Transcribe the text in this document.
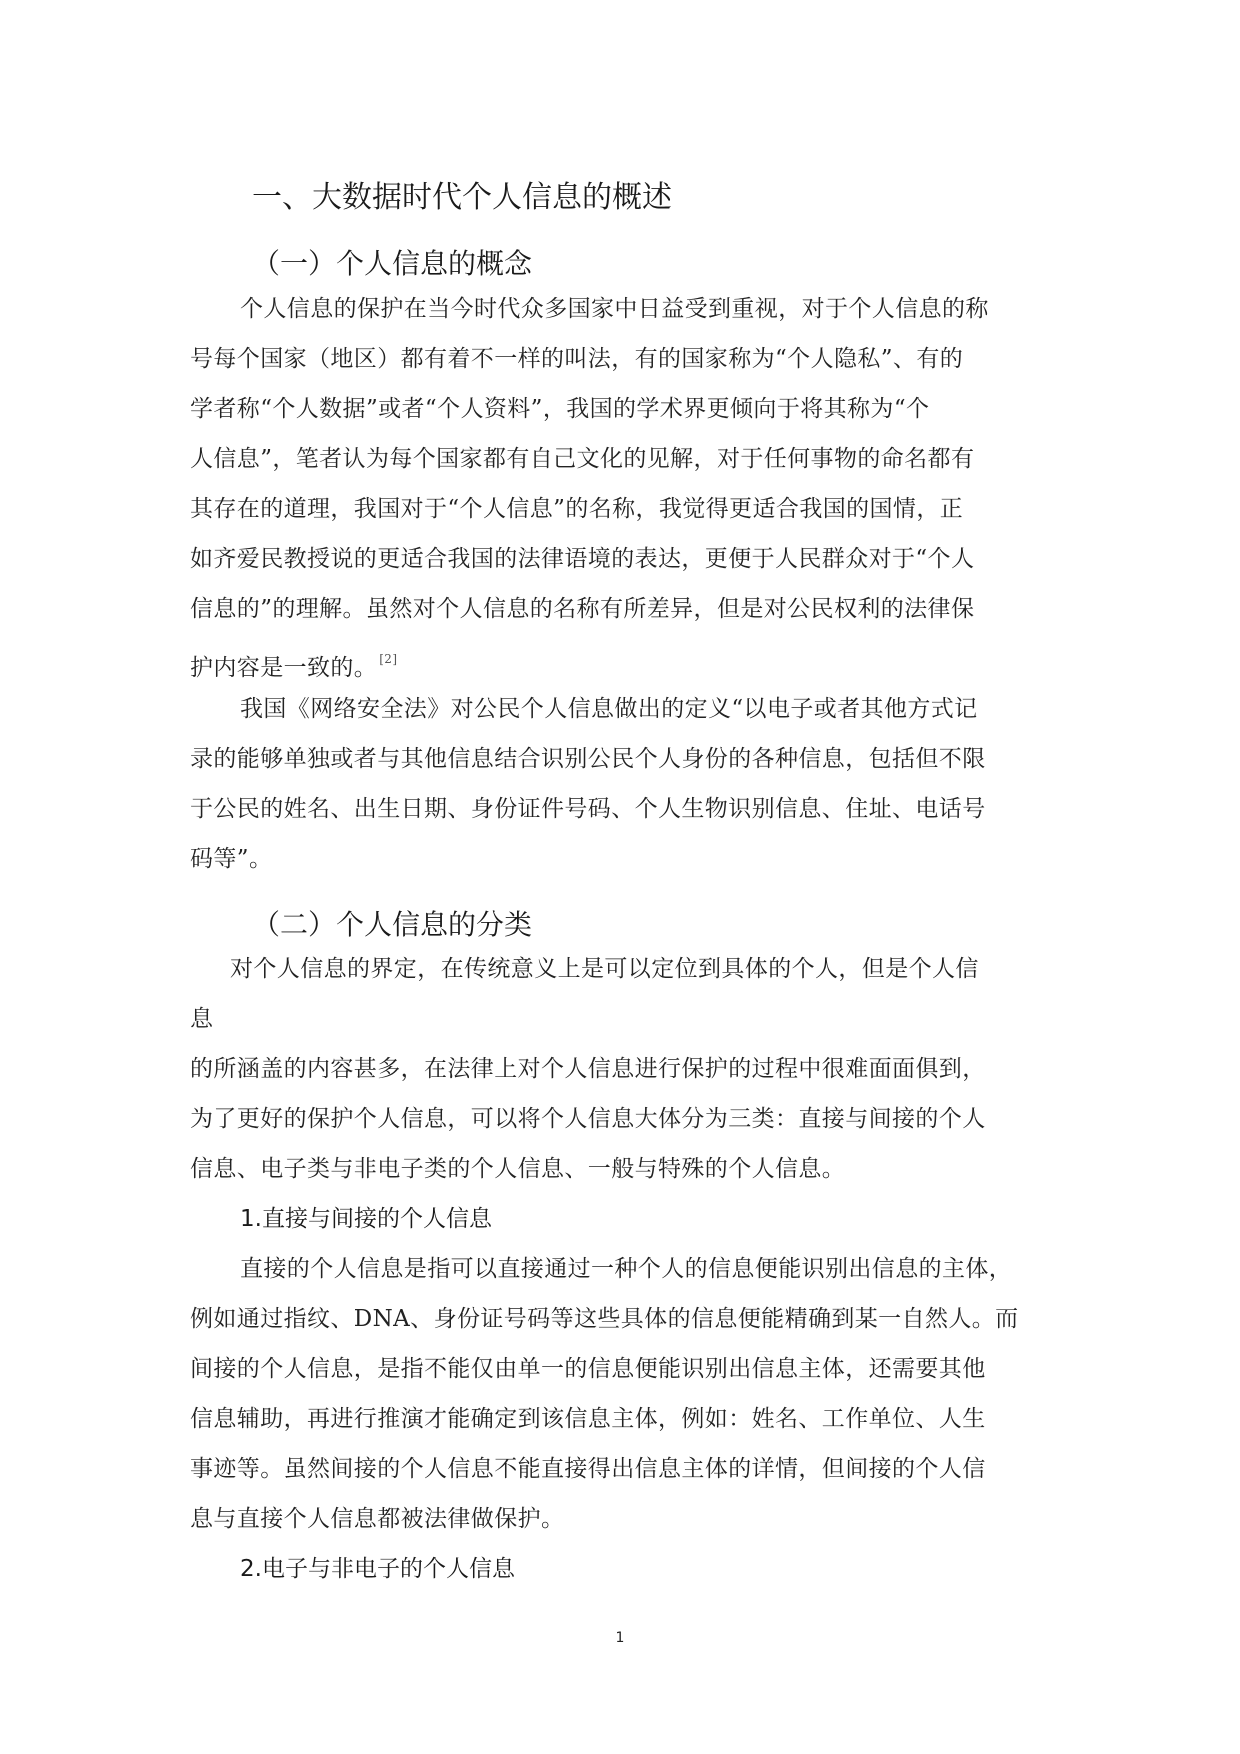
一、大数据时代个人信息的概述
（一）个人信息的概念
个人信息的保护在当今时代众多国家中日益受到重视，对于个人信息的称
号每个国家（地区）都有着不一样的叫法，有的国家称为“个人隐私”、有的
学者称“个人数据”或者“个人资料”，我国的学术界更倾向于将其称为“个
人信息”，笔者认为每个国家都有自己文化的见解，对于任何事物的命名都有
其存在的道理，我国对于“个人信息”的名称，我觉得更适合我国的国情，正
如齐爱民教授说的更适合我国的法律语境的表达，更便于人民群众对于“个人
信息的”的理解。虽然对个人信息的名称有所差异，但是对公民权利的法律保
护内容是一致的。 [2]
我国《网络安全法》对公民个人信息做出的定义“以电子或者其他方式记
录的能够单独或者与其他信息结合识别公民个人身份的各种信息，包括但不限
于公民的姓名、出生日期、身份证件号码、个人生物识别信息、住址、电话号
码等”。
（二）个人信息的分类
对个人信息的界定，在传统意义上是可以定位到具体的个人，但是个人信
息
的所涵盖的内容甚多，在法律上对个人信息进行保护的过程中很难面面俱到，
为了更好的保护个人信息，可以将个人信息大体分为三类：直接与间接的个人
信息、电子类与非电子类的个人信息、一般与特殊的个人信息。
1.直接与间接的个人信息
直接的个人信息是指可以直接通过一种个人的信息便能识别出信息的主体，
例如通过指纹、DNA、身份证号码等这些具体的信息便能精确到某一自然人。而
间接的个人信息，是指不能仅由单一的信息便能识别出信息主体，还需要其他
信息辅助，再进行推演才能确定到该信息主体，例如：姓名、工作单位、人生
事迹等。虽然间接的个人信息不能直接得出信息主体的详情，但间接的个人信
息与直接个人信息都被法律做保护。
2.电子与非电子的个人信息
1
